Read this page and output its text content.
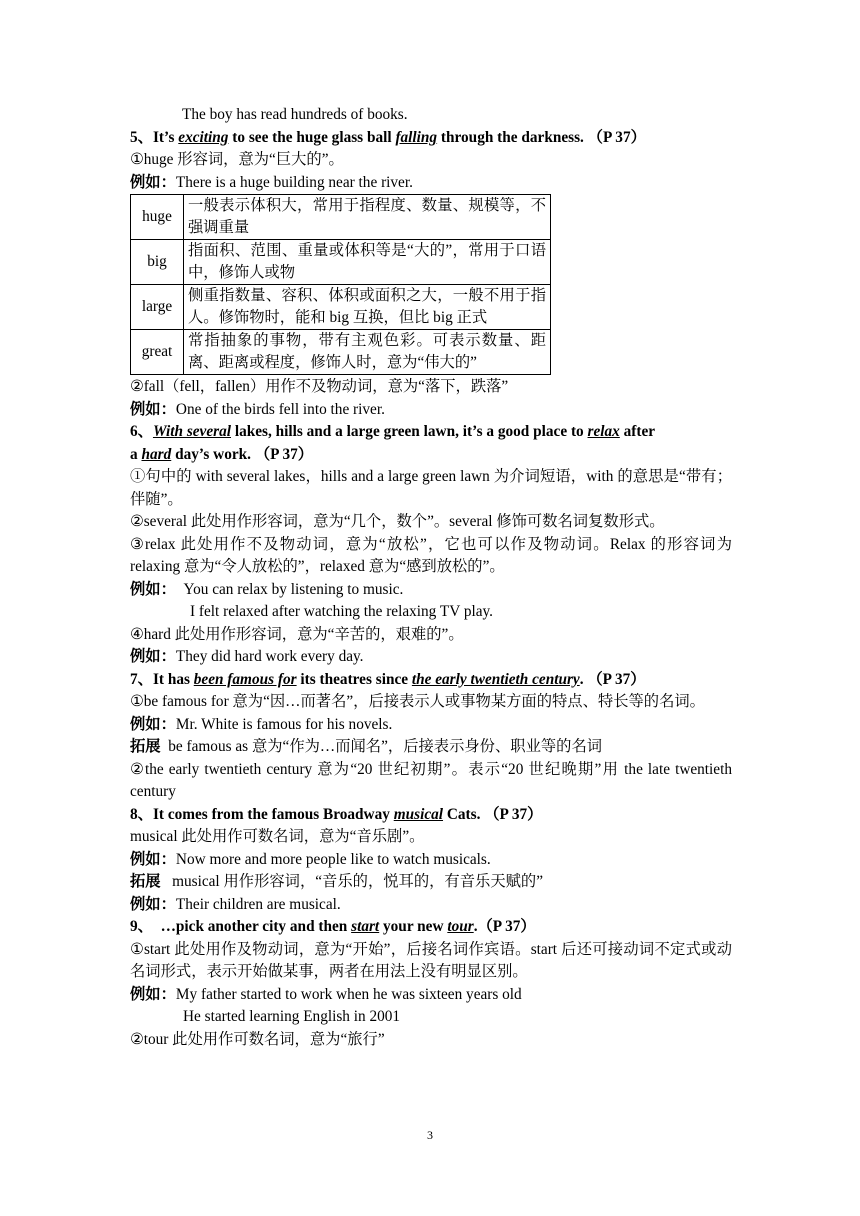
The boy has read hundreds of books.
5、It’s exciting to see the huge glass ball falling through the darkness. （P 37）
①huge 形容词，意为“巨大的”。
例如：There is a huge building near the river.
huge	一般表示体积大，常用于指程度、数量、规模等，不强调重量
big	指面积、范围、重量或体积等是“大的”，常用于口语中，修饰人或物
large	侧重指数量、容积、体积或面积之大，一般不用于指人。修饰物时，能和 big 互换，但比 big 正式
great	常指抽象的事物，带有主观色彩。可表示数量、距离、距离或程度，修饰人时，意为“伟大的”
②fall（fell，fallen）用作不及物动词，意为“落下，跌落”
例如：One of the birds fell into the river.
6、With several lakes, hills and a large green lawn, it’s a good place to relax after
a hard day’s work. （P 37）
①句中的 with several lakes，hills and a large green lawn 为介词短语，with 的意思是“带有；伴随”。
②several 此处用作形容词，意为“几个，数个”。several 修饰可数名词复数形式。
③relax 此处用作不及物动词，意为“放松”，它也可以作及物动词。Relax 的形容词为 relaxing 意为“令人放松的”，relaxed 意为“感到放松的”。
例如：  You can relax by listening to music.
I felt relaxed after watching the relaxing TV play.
④hard 此处用作形容词，意为“辛苦的，艰难的”。
例如：They did hard work every day.
7、It has been famous for its theatres since the early twentieth century. （P 37）
①be famous for 意为“因…而著名”，后接表示人或事物某方面的特点、特长等的名词。
例如：Mr. White is famous for his novels.
拓展  be famous as 意为“作为…而闻名”，后接表示身份、职业等的名词
②the early twentieth century 意为“20 世纪初期”。表示“20 世纪晚期”用 the late twentieth century
8、It comes from the famous Broadway musical Cats. （P 37）
musical 此处用作可数名词，意为“音乐剧”。
例如：Now more and more people like to watch musicals.
拓展   musical 用作形容词，“音乐的，悦耳的，有音乐天赋的”
例如：Their children are musical.
9、  …pick another city and then start your new tour.（P 37）
①start 此处用作及物动词，意为“开始”，后接名词作宾语。start 后还可接动词不定式或动名词形式，表示开始做某事，两者在用法上没有明显区别。
例如：My father started to work when he was sixteen years old
He started learning English in 2001
②tour 此处用作可数名词，意为“旅行”
3
